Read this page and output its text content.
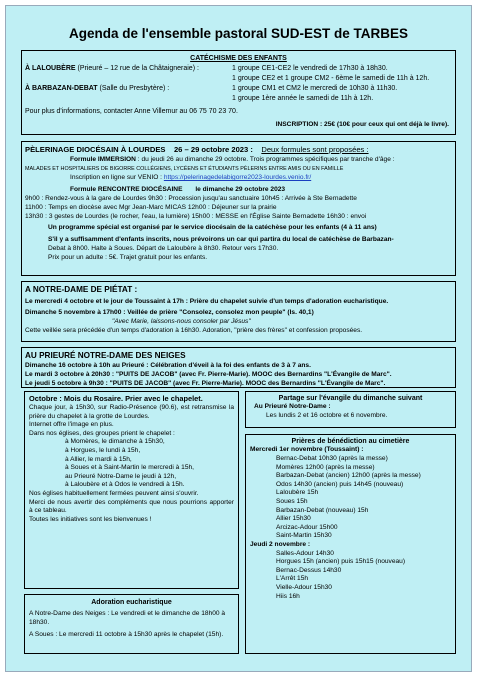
Agenda de l'ensemble pastoral SUD-EST de TARBES
CATÉCHISME DES ENFANTS
À LALOUBÈRE (Prieuré – 12 rue de la Châtaigneraie) :	1 groupe CE1-CE2 le vendredi de 17h30 à 18h30.
1 groupe CE2 et 1 groupe CM2 - 6ème le samedi de 11h à 12h.
À BARBAZAN-DEBAT (Salle du Presbytère) :	1 groupe CM1 et CM2 le mercredi de 10h30 à 11h30.
1 groupe 1ère année le samedi de 11h à 12h.
Pour plus d'informations, contacter Anne Villemur au 06 75 70 23 70.
INSCRIPTION : 25€ (10€ pour ceux qui ont déjà le livre).
PÈLERINAGE DIOCÉSAIN À LOURDES 26 – 29 octobre 2023 : Deux formules sont proposées :
Formule IMMERSION : du jeudi 26 au dimanche 29 octobre. Trois programmes spécifiques par tranche d'âge :
MALADES ET HOSPITALIERS DE BIGORRE COLLÉGIENS, LYCÉENS ET ÉTUDIANTS PÈLERINS ENTRE AMIS OU EN FAMILLE
Inscription en ligne sur VENIO : https://pelerinagedelabigorre2023-lourdes.venio.fr/
Formule RENCONTRE DIOCÉSAINE le dimanche 29 octobre 2023
9h00 : Rendez-vous à la gare de Lourdes 9h30 : Procession jusqu'au sanctuaire 10h45 : Arrivée à Ste Bernadette
11h00 : Temps en diocèse avec Mgr Jean-Marc MICAS 12h00 : Déjeuner sur la prairie
13h30 : 3 gestes de Lourdes (le rocher, l'eau, la lumière) 15h00 : MESSE en l'Église Sainte Bernadette 16h30 : envoi
Un programme spécial est organisé par le service diocésain de la catéchèse pour les enfants (4 à 11 ans)
S'il y a suffisamment d'enfants inscrits, nous prévoirons un car qui partira du local de catéchèse de Barbazan-
Debat à 8h00. Halte à Soues. Départ de Laloubère à 8h30. Retour vers 17h30.
Prix pour un adulte : 5€. Trajet gratuit pour les enfants.
A NOTRE-DAME DE PIÉTAT :
Le mercredi 4 octobre et le jour de Toussaint à 17h : Prière du chapelet suivie d'un temps d'adoration eucharistique.
Dimanche 5 novembre à 17h00 : Veillée de prière "Consolez, consolez mon peuple" (Is. 40,1)
"Avec Marie, laissons-nous consoler par Jésus"
Cette veillée sera précédée d'un temps d'adoration à 16h30. Adoration, "prière des frères" et confession proposées.
AU PRIEURÉ NOTRE-DAME DES NEIGES
Dimanche 16 octobre à 10h au Prieuré : Célébration d'éveil à la foi des enfants de 3 à 7 ans.
Le mardi 3 octobre à 20h30 : "PUITS DE JACOB" (avec Fr. Pierre-Marie). MOOC des Bernardins "L'Évangile de Marc".
Le jeudi 5 octobre à 9h30 : "PUITS DE JACOB" (avec Fr. Pierre-Marie). MOOC des Bernardins "L'Évangile de Marc".
Octobre : Mois du Rosaire. Prier avec le chapelet.
Chaque jour, à 15h30, sur Radio-Présence (90.6), est retransmise la prière du chapelet à la grotte de Lourdes.
Internet offre l'image en plus.
Dans nos églises, des groupes prient le chapelet :
à Momères, le dimanche à 15h30,
à Horgues, le lundi à 15h,
à Allier, le mardi à 15h,
à Soues et à Saint-Martin le mercredi à 15h,
au Prieuré Notre-Dame le jeudi à 12h,
à Laloubère et à Odos le vendredi à 15h.
Nos églises habituellement fermées peuvent ainsi s'ouvrir.
Merci de nous avertir des compléments que nous pourrions apporter à ce tableau.
Toutes les initiatives sont les bienvenues !
Adoration eucharistique
A Notre-Dame des Neiges : Le vendredi et le dimanche de 18h00 à 18h30.
A Soues : Le mercredi 11 octobre à 15h30 après le chapelet (15h).
Partage sur l'évangile du dimanche suivant
Au Prieuré Notre-Dame :
Les lundis 2 et 16 octobre et 6 novembre.
Prières de bénédiction au cimetière
Mercredi 1er novembre (Toussaint) :
Bernac-Debat 10h30 (après la messe)
Momères 12h00 (après la messe)
Barbazan-Debat (ancien) 12h00 (après la messe)
Odos 14h30 (ancien) puis 14h45 (nouveau)
Laloubère 15h
Soues 15h
Barbazan-Debat (nouveau) 15h
Allier 15h30
Arcizac-Adour 15h00
Saint-Martin 15h30
Jeudi 2 novembre :
Salles-Adour 14h30
Horgues 15h (ancien) puis 15h15 (nouveau)
Bernac-Dessus 14h30
L'Arrêt 15h
Vielle-Adour 15h30
Hiis 16h
